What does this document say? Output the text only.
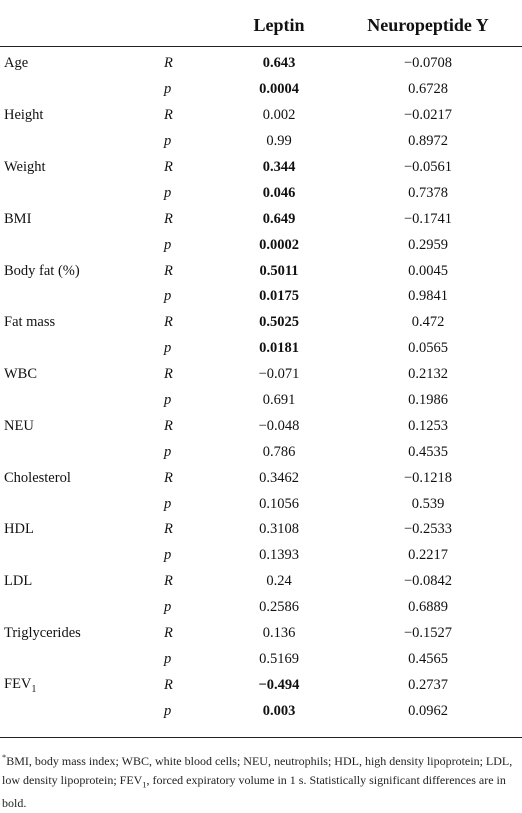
		Leptin	Neuropeptide Y
Age	R	0.643	−0.0708
	p	0.0004	0.6728
Height	R	0.002	−0.0217
	p	0.99	0.8972
Weight	R	0.344	−0.0561
	p	0.046	0.7378
BMI	R	0.649	−0.1741
	p	0.0002	0.2959
Body fat (%)	R	0.5011	0.0045
	p	0.0175	0.9841
Fat mass	R	0.5025	0.472
	p	0.0181	0.0565
WBC	R	−0.071	0.2132
	p	0.691	0.1986
NEU	R	−0.048	0.1253
	p	0.786	0.4535
Cholesterol	R	0.3462	−0.1218
	p	0.1056	0.539
HDL	R	0.3108	−0.2533
	p	0.1393	0.2217
LDL	R	0.24	−0.0842
	p	0.2586	0.6889
Triglycerides	R	0.136	−0.1527
	p	0.5169	0.4565
$FEV_1$	R	−0.494	0.2737
	p	0.003	0.0962
*BMI, body mass index; WBC, white blood cells; NEU, neutrophils; HDL, high density lipoprotein; LDL, low density lipoprotein; $FEV_1$, forced expiratory volume in 1 s. Statistically significant differences are in bold.
